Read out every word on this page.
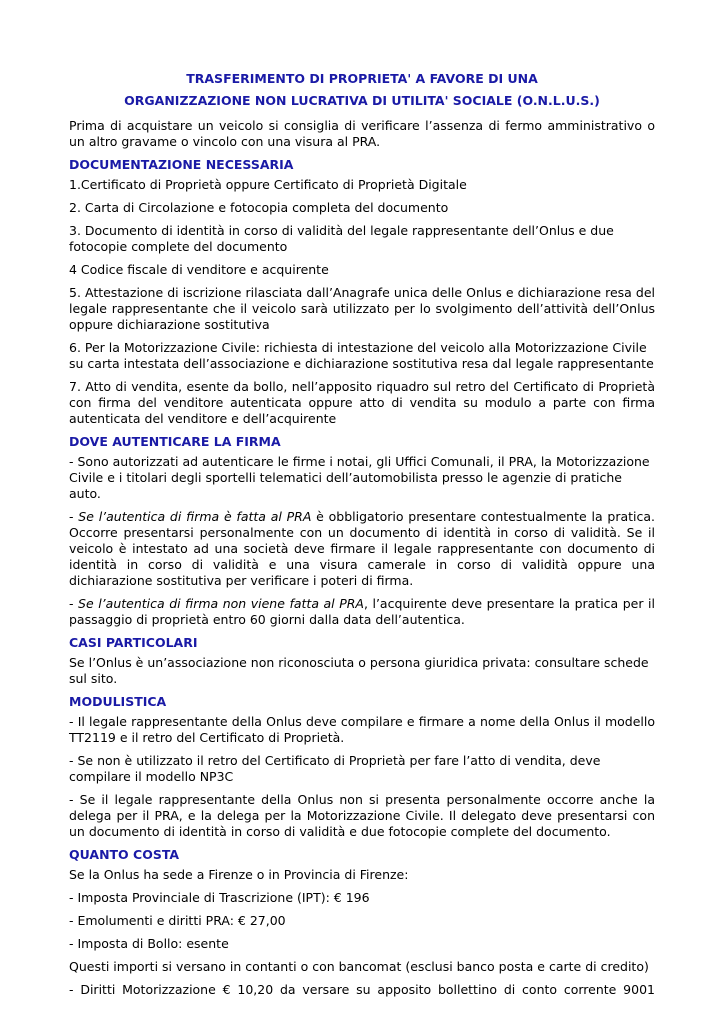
TRASFERIMENTO DI PROPRIETA' A FAVORE DI UNA

ORGANIZZAZIONE NON LUCRATIVA DI UTILITA' SOCIALE (O.N.L.U.S.)

Prima di acquistare un veicolo si consiglia di verificare l’assenza di fermo amministrativo o un altro gravame o vincolo con una visura al PRA.

DOCUMENTAZIONE NECESSARIA

1.Certificato di Proprietà oppure Certificato di Proprietà Digitale

2. Carta di Circolazione e fotocopia completa del documento

3. Documento di identità in corso di validità del legale rappresentante dell’Onlus e due fotocopie complete del documento

4 Codice fiscale di venditore e acquirente

5. Attestazione di iscrizione rilasciata dall’Anagrafe unica delle Onlus e dichiarazione resa del legale rappresentante che il veicolo sarà utilizzato per lo svolgimento dell’attività dell’Onlus oppure dichiarazione sostitutiva

6. Per la Motorizzazione Civile: richiesta di intestazione del veicolo alla Motorizzazione Civile su carta intestata dell’associazione e dichiarazione sostitutiva resa dal legale rappresentante

7. Atto di vendita, esente da bollo, nell’apposito riquadro sul retro del Certificato di Proprietà con firma del venditore autenticata oppure atto di vendita su modulo a parte con firma autenticata del venditore e dell’acquirente

DOVE AUTENTICARE LA FIRMA

- Sono autorizzati ad autenticare le firme i notai, gli Uffici Comunali, il PRA, la Motorizzazione Civile e i titolari degli sportelli telematici dell’automobilista presso le agenzie di pratiche auto.

- Se l’autentica di firma è fatta al PRA è obbligatorio presentare contestualmente la pratica. Occorre presentarsi personalmente con un documento di identità in corso di validità. Se il veicolo è intestato ad una società deve firmare il legale rappresentante con documento di identità in corso di validità e una visura camerale in corso di validità oppure una dichiarazione sostitutiva per verificare i poteri di firma.

- Se l’autentica di firma non viene fatta al PRA, l’acquirente deve presentare la pratica per il passaggio di proprietà entro 60 giorni dalla data dell’autentica.

CASI PARTICOLARI

Se l’Onlus è un’associazione non riconosciuta o persona giuridica privata: consultare schede sul sito.

MODULISTICA

- Il legale rappresentante della Onlus deve compilare e firmare a nome della Onlus il modello TT2119 e il retro del Certificato di Proprietà.

- Se non è utilizzato il retro del Certificato di Proprietà per fare l’atto di vendita, deve compilare il modello NP3C

- Se il legale rappresentante della Onlus non si presenta personalmente occorre anche la delega per il PRA, e la delega per la Motorizzazione Civile. Il delegato deve presentarsi con un documento di identità in corso di validità e due fotocopie complete del documento.

QUANTO COSTA

Se la Onlus ha sede a Firenze o in Provincia di Firenze:

- Imposta Provinciale di Trascrizione (IPT): € 196

- Emolumenti e diritti PRA: € 27,00

- Imposta di Bollo: esente

Questi importi si versano in contanti o con bancomat (esclusi banco posta e carte di credito)

- Diritti Motorizzazione € 10,20 da versare su apposito bollettino di conto corrente 9001
